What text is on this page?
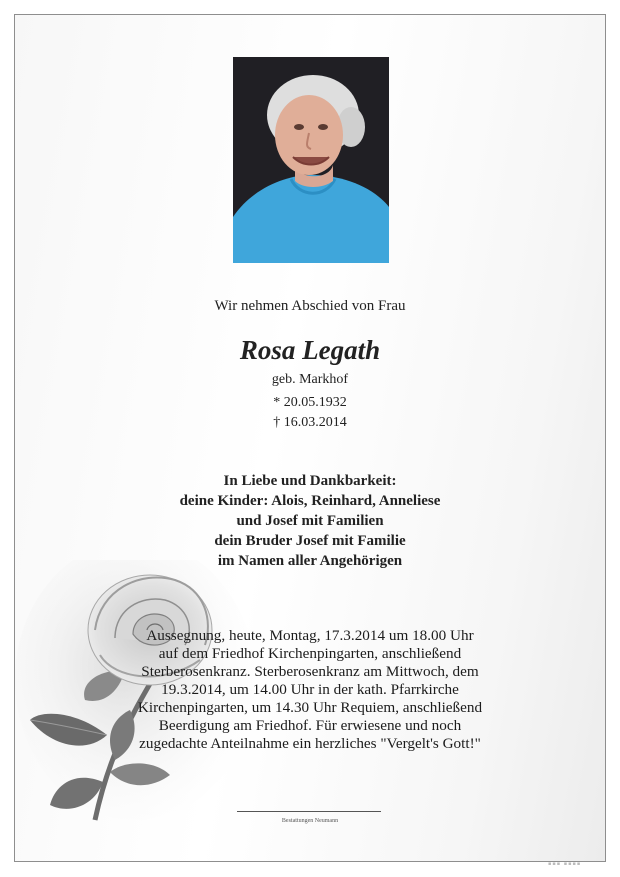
Wir nehmen Abschied von Frau
Rosa Legath
geb. Markhof
* 20.05.1932
† 16.03.2014
In Liebe und Dankbarkeit:
deine Kinder: Alois, Reinhard, Anneliese
und Josef mit Familien
dein Bruder Josef mit Familie
im Namen aller Angehörigen
Aussegnung, heute, Montag, 17.3.2014 um 18.00 Uhr
auf dem Friedhof Kirchenpingarten, anschließend
Sterberosenkranz. Sterberosenkranz am Mittwoch, dem
19.3.2014, um 14.00 Uhr in der kath. Pfarrkirche
Kirchenpingarten, um 14.30 Uhr Requiem, anschließend
Beerdigung am Friedhof. Für erwiesene und noch
zugedachte Anteilnahme ein herzliches "Vergelt's Gott!"
Bestattungen Neumann
▪▪▪ ▪▪▪▪
